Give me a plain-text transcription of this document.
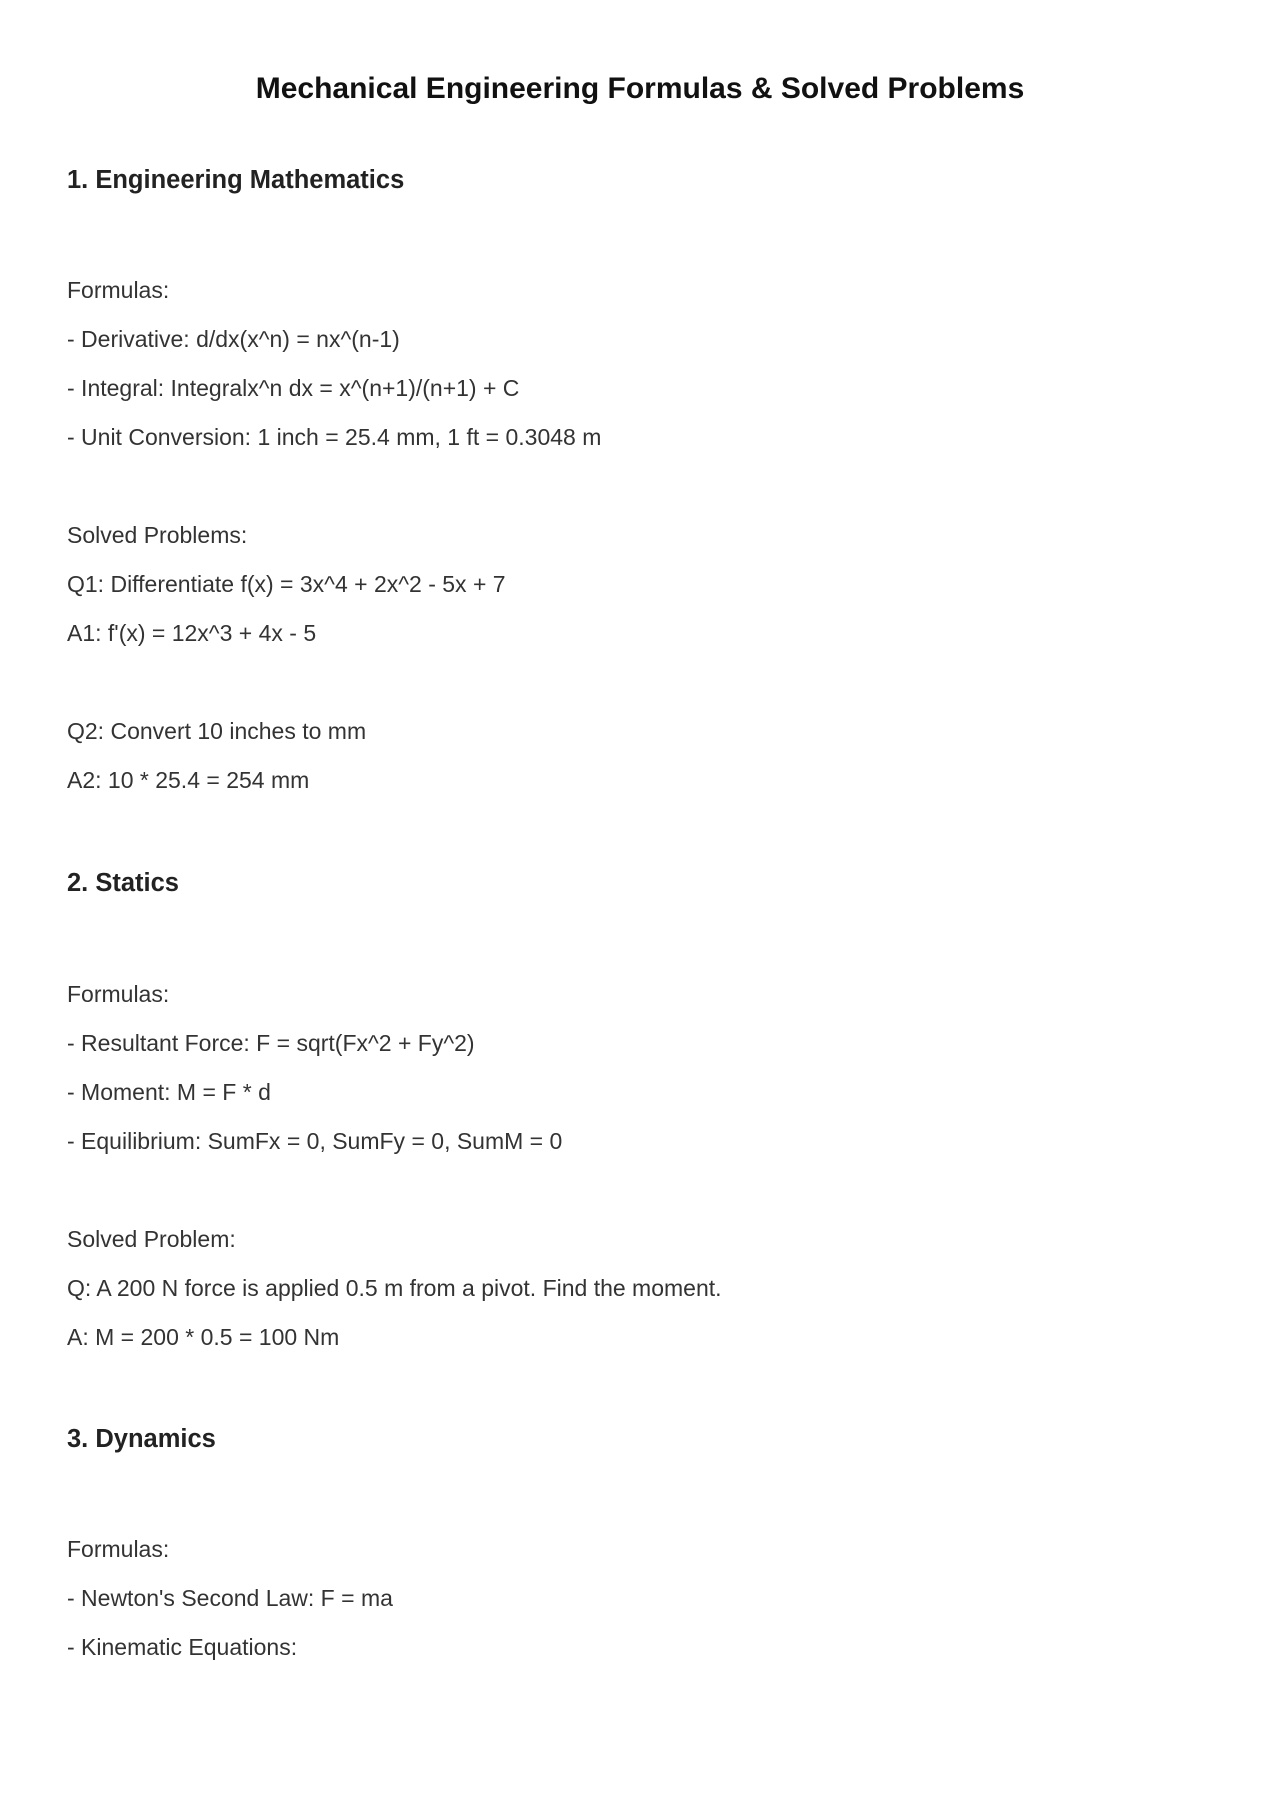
Mechanical Engineering Formulas & Solved Problems
1. Engineering Mathematics
Formulas:
- Derivative: d/dx(x^n) = nx^(n-1)
- Integral: Integralx^n dx = x^(n+1)/(n+1) + C
- Unit Conversion: 1 inch = 25.4 mm, 1 ft = 0.3048 m
Solved Problems:
Q1: Differentiate f(x) = 3x^4 + 2x^2 - 5x + 7
A1: f'(x) = 12x^3 + 4x - 5
Q2: Convert 10 inches to mm
A2: 10 * 25.4 = 254 mm
2. Statics
Formulas:
- Resultant Force: F = sqrt(Fx^2 + Fy^2)
- Moment: M = F * d
- Equilibrium: SumFx = 0, SumFy = 0, SumM = 0
Solved Problem:
Q: A 200 N force is applied 0.5 m from a pivot. Find the moment.
A: M = 200 * 0.5 = 100 Nm
3. Dynamics
Formulas:
- Newton's Second Law: F = ma
- Kinematic Equations:
